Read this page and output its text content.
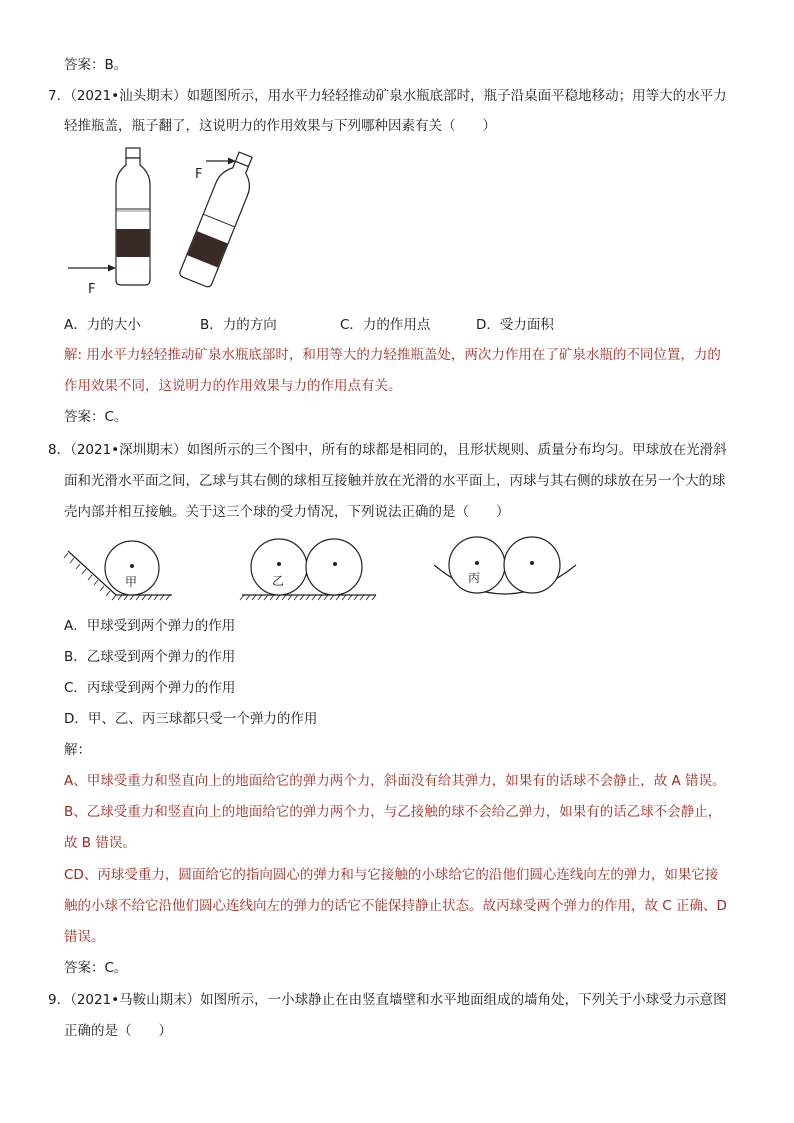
答案：B。
7．（2021•汕头期末）如题图所示，用水平力轻轻推动矿泉水瓶底部时，瓶子沿桌面平稳地移动；用等大的水平力
轻推瓶盖，瓶子翻了，这说明力的作用效果与下列哪种因素有关（　　）
F
F
A．力的大小	B．力的方向	C．力的作用点	D．受力面积
解: 用水平力轻轻推动矿泉水瓶底部时，和用等大的力轻推瓶盖处，两次力作用在了矿泉水瓶的不同位置，力的
作用效果不同，这说明力的作用效果与力的作用点有关。
答案：C。
8．（2021•深圳期末）如图所示的三个图中，所有的球都是相同的，且形状规则、质量分布均匀。甲球放在光滑斜
面和光滑水平面之间，乙球与其右侧的球相互接触并放在光滑的水平面上，丙球与其右侧的球放在另一个大的球
壳内部并相互接触。关于这三个球的受力情况，下列说法正确的是（　　）
甲	乙	丙
A．甲球受到两个弹力的作用
B．乙球受到两个弹力的作用
C．丙球受到两个弹力的作用
D．甲、乙、丙三球都只受一个弹力的作用
解：
A、甲球受重力和竖直向上的地面给它的弹力两个力，斜面没有给其弹力，如果有的话球不会静止，故 A 错误。
B、乙球受重力和竖直向上的地面给它的弹力两个力，与乙接触的球不会给乙弹力，如果有的话乙球不会静止，
故 B 错误。
CD、丙球受重力，圆面给它的指向圆心的弹力和与它接触的小球给它的沿他们圆心连线向左的弹力，如果它接
触的小球不给它沿他们圆心连线向左的弹力的话它不能保持静止状态。故丙球受两个弹力的作用，故 C 正确、D
错误。
答案：C。
9．（2021•马鞍山期末）如图所示，一小球静止在由竖直墙壁和水平地面组成的墙角处，下列关于小球受力示意图
正确的是（　　）
